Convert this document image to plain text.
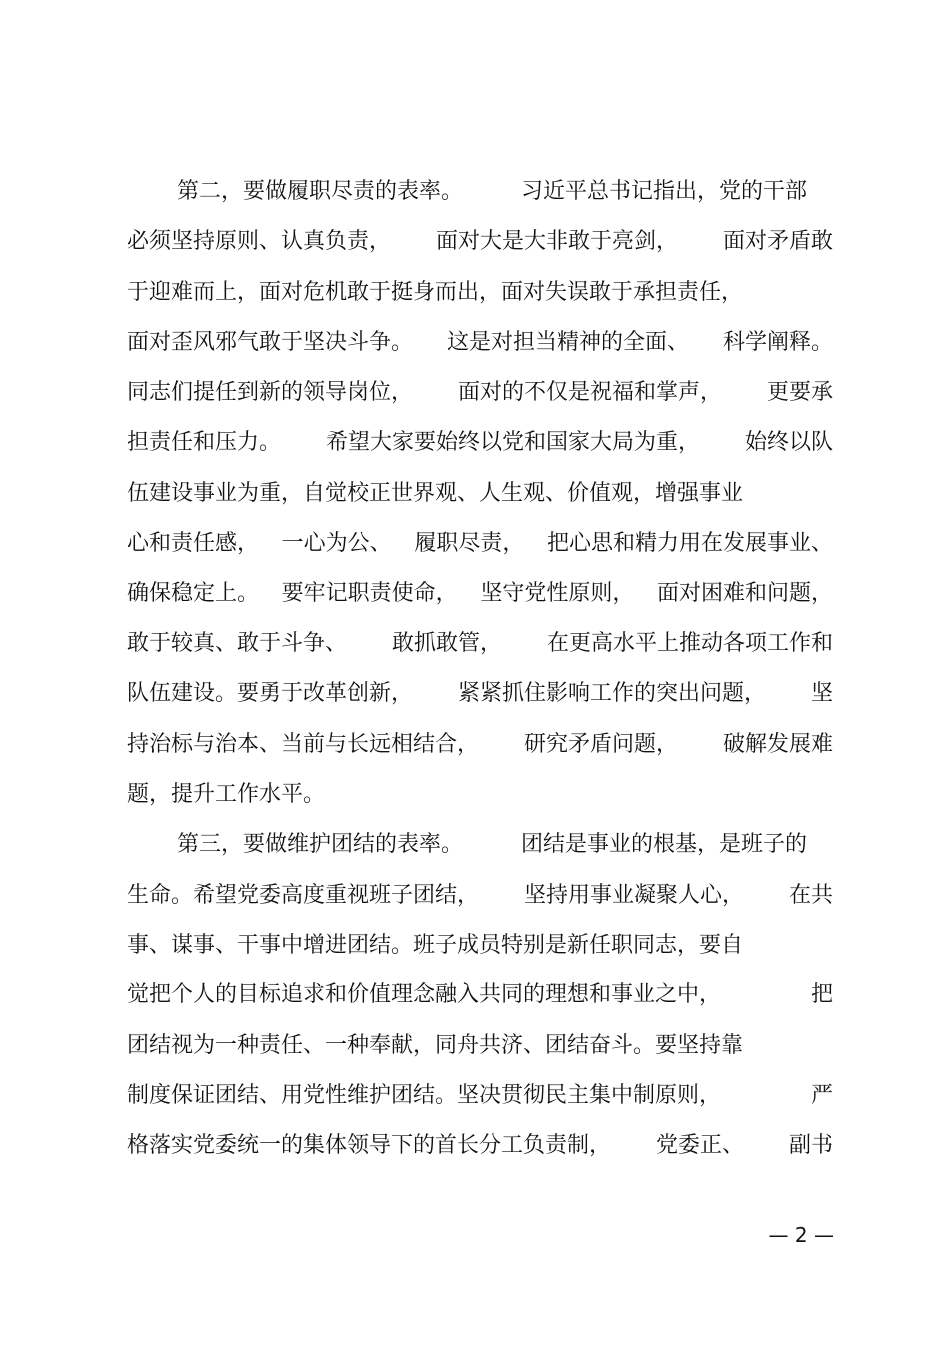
第二，要做履职尽责的表率。	习近平总书记指出，党的干部
必须坚持原则、认真负责， 面对大是大非敢于亮剑， 面对矛盾敢
于迎难而上，面对危机敢于挺身而出，面对失误敢于承担责任，
面对歪风邪气敢于坚决斗争。 这是对担当精神的全面、 科学阐释。
同志们提任到新的领导岗位， 面对的不仅是祝福和掌声， 更要承
担责任和压力。 希望大家要始终以党和国家大局为重， 始终以队
伍建设事业为重，自觉校正世界观、人生观、价值观，增强事业
心和责任感， 一心为公、 履职尽责， 把心思和精力用在发展事业、
确保稳定上。 要牢记职责使命， 坚守党性原则， 面对困难和问题，
敢于较真、敢于斗争、 敢抓敢管， 在更高水平上推动各项工作和
队伍建设。要勇于改革创新， 紧紧抓住影响工作的突出问题， 坚
持治标与治本、当前与长远相结合， 研究矛盾问题， 破解发展难
题，提升工作水平。
第三，要做维护团结的表率。	团结是事业的根基，是班子的
生命。希望党委高度重视班子团结， 坚持用事业凝聚人心， 在共
事、谋事、干事中增进团结。班子成员特别是新任职同志，要自
觉把个人的目标追求和价值理念融入共同的理想和事业之中，	把
团结视为一种责任、一种奉献，同舟共济、团结奋斗。要坚持靠
制度保证团结、用党性维护团结。坚决贯彻民主集中制原则，	严
格落实党委统一的集体领导下的首长分工负责制， 党委正、 副书
— 2 —
